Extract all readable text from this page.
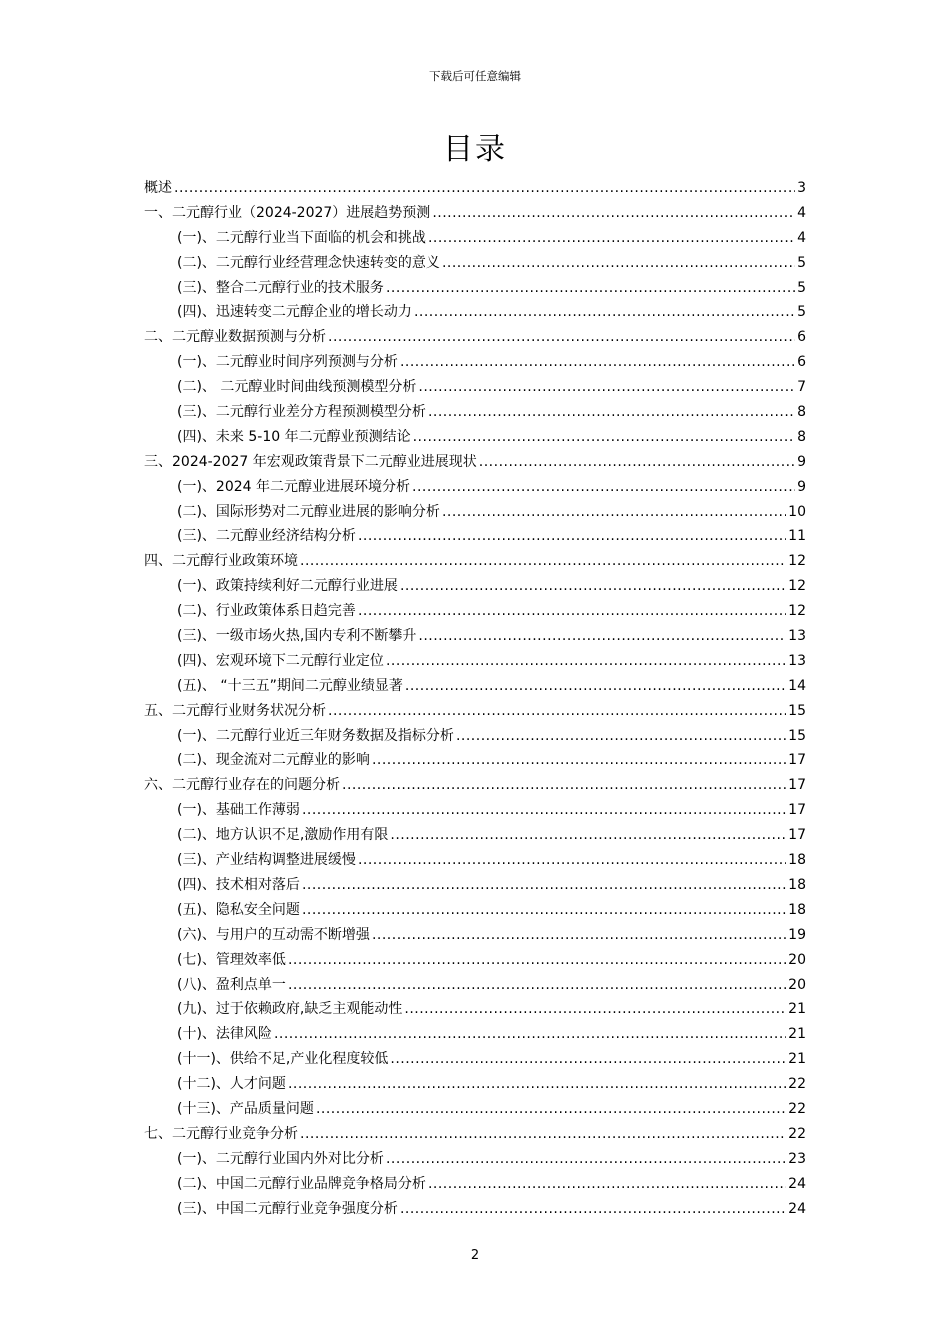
下载后可任意编辑
目录
概述 .....	3
一、二元醇行业（2024-2027）进展趋势预测 .....	4
(一)、二元醇行业当下面临的机会和挑战 .....	4
(二)、二元醇行业经营理念快速转变的意义 .....	5
(三)、整合二元醇行业的技术服务 .....	5
(四)、迅速转变二元醇企业的增长动力 .....	5
二、二元醇业数据预测与分析 .....	6
(一)、二元醇业时间序列预测与分析 .....	6
(二)、 二元醇业时间曲线预测模型分析 .....	7
(三)、二元醇行业差分方程预测模型分析 .....	8
(四)、未来 5-10 年二元醇业预测结论 .....	8
三、2024-2027 年宏观政策背景下二元醇业进展现状 .....	9
(一)、2024 年二元醇业进展环境分析 .....	9
(二)、国际形势对二元醇业进展的影响分析 .....	10
(三)、二元醇业经济结构分析 .....	11
四、二元醇行业政策环境 .....	12
(一)、政策持续利好二元醇行业进展 .....	12
(二)、行业政策体系日趋完善 .....	12
(三)、一级市场火热,国内专利不断攀升 .....	13
(四)、宏观环境下二元醇行业定位 .....	13
(五)、 “十三五”期间二元醇业绩显著 .....	14
五、二元醇行业财务状况分析 .....	15
(一)、二元醇行业近三年财务数据及指标分析 .....	15
(二)、现金流对二元醇业的影响 .....	17
六、二元醇行业存在的问题分析 .....	17
(一)、基础工作薄弱 .....	17
(二)、地方认识不足,激励作用有限 .....	17
(三)、产业结构调整进展缓慢 .....	18
(四)、技术相对落后 .....	18
(五)、隐私安全问题 .....	18
(六)、与用户的互动需不断增强 .....	19
(七)、管理效率低 .....	20
(八)、盈利点单一 .....	20
(九)、过于依赖政府,缺乏主观能动性 .....	21
(十)、法律风险 .....	21
(十一)、供给不足,产业化程度较低 .....	21
(十二)、人才问题 .....	22
(十三)、产品质量问题 .....	22
七、二元醇行业竞争分析 .....	22
(一)、二元醇行业国内外对比分析 .....	23
(二)、中国二元醇行业品牌竞争格局分析 .....	24
(三)、中国二元醇行业竞争强度分析 .....	24
2
